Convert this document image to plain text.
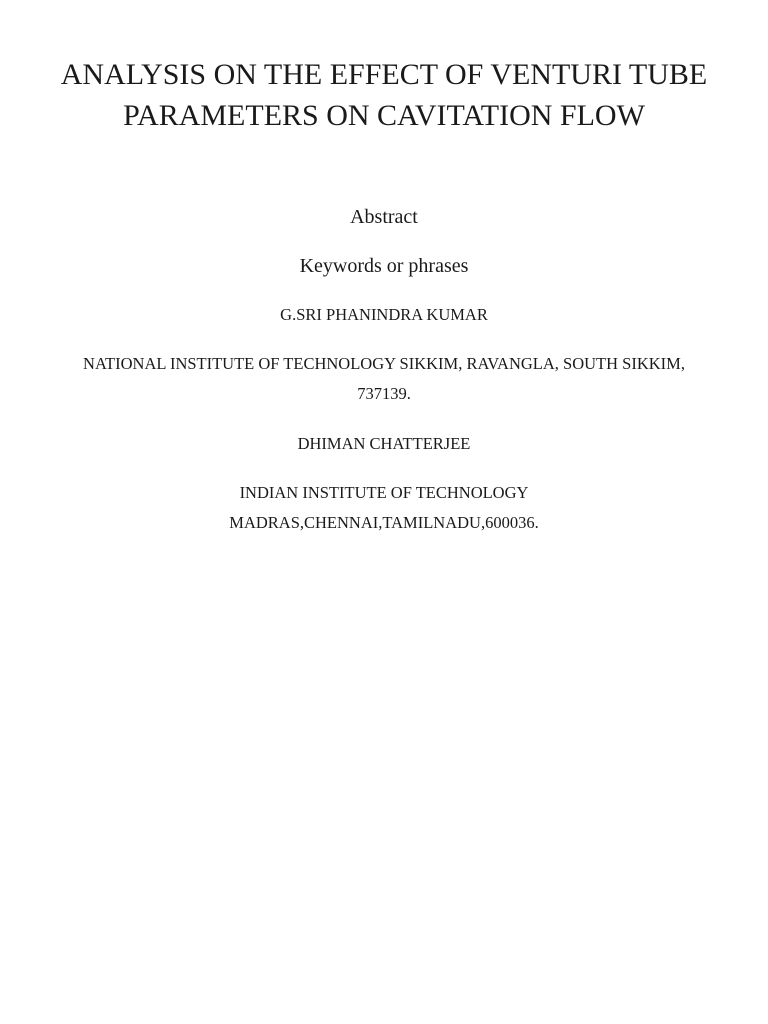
ANALYSIS ON THE EFFECT OF VENTURI TUBE PARAMETERS ON CAVITATION FLOW

Abstract

Keywords or phrases

G.SRI PHANINDRA KUMAR

NATIONAL INSTITUTE OF TECHNOLOGY SIKKIM, RAVANGLA, SOUTH SIKKIM, 737139.

DHIMAN CHATTERJEE

INDIAN INSTITUTE OF TECHNOLOGY MADRAS,CHENNAI,TAMILNADU,600036.
